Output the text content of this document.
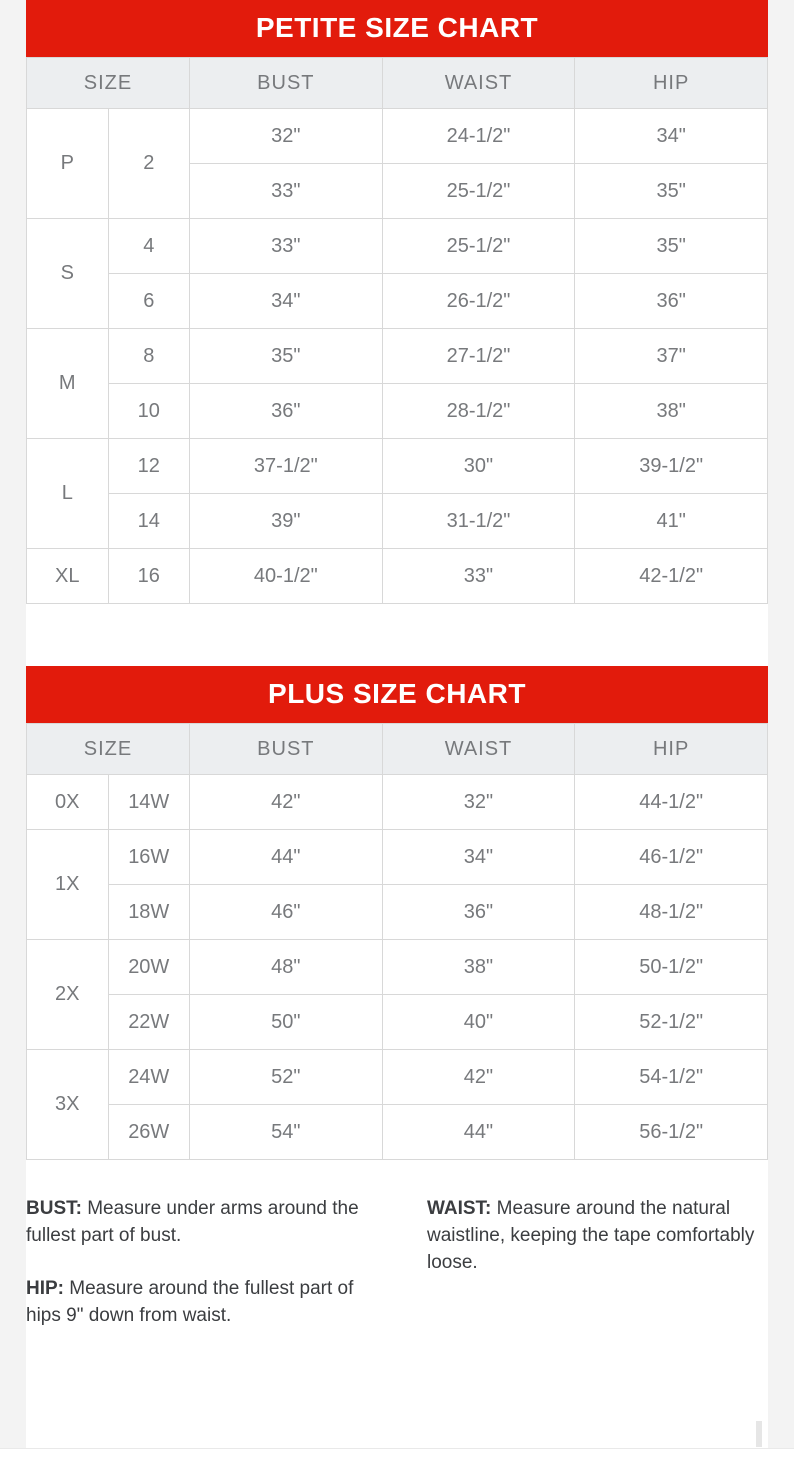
PETITE SIZE CHART
SIZE		BUST	WAIST	HIP
P	2	32"	24-1/2"	34"
		33"	25-1/2"	35"
S	4	33"	25-1/2"	35"
	6	34"	26-1/2"	36"
M	8	35"	27-1/2"	37"
	10	36"	28-1/2"	38"
L	12	37-1/2"	30"	39-1/2"
	14	39"	31-1/2"	41"
XL	16	40-1/2"	33"	42-1/2"
PLUS SIZE CHART
SIZE		BUST	WAIST	HIP
0X	14W	42"	32"	44-1/2"
1X	16W	44"	34"	46-1/2"
	18W	46"	36"	48-1/2"
2X	20W	48"	38"	50-1/2"
	22W	50"	40"	52-1/2"
3X	24W	52"	42"	54-1/2"
	26W	54"	44"	56-1/2"

BUST: Measure under arms around the fullest part of bust.

HIP: Measure around the fullest part of hips 9" down from waist.

WAIST: Measure around the natural waistline, keeping the tape comfortably loose.
